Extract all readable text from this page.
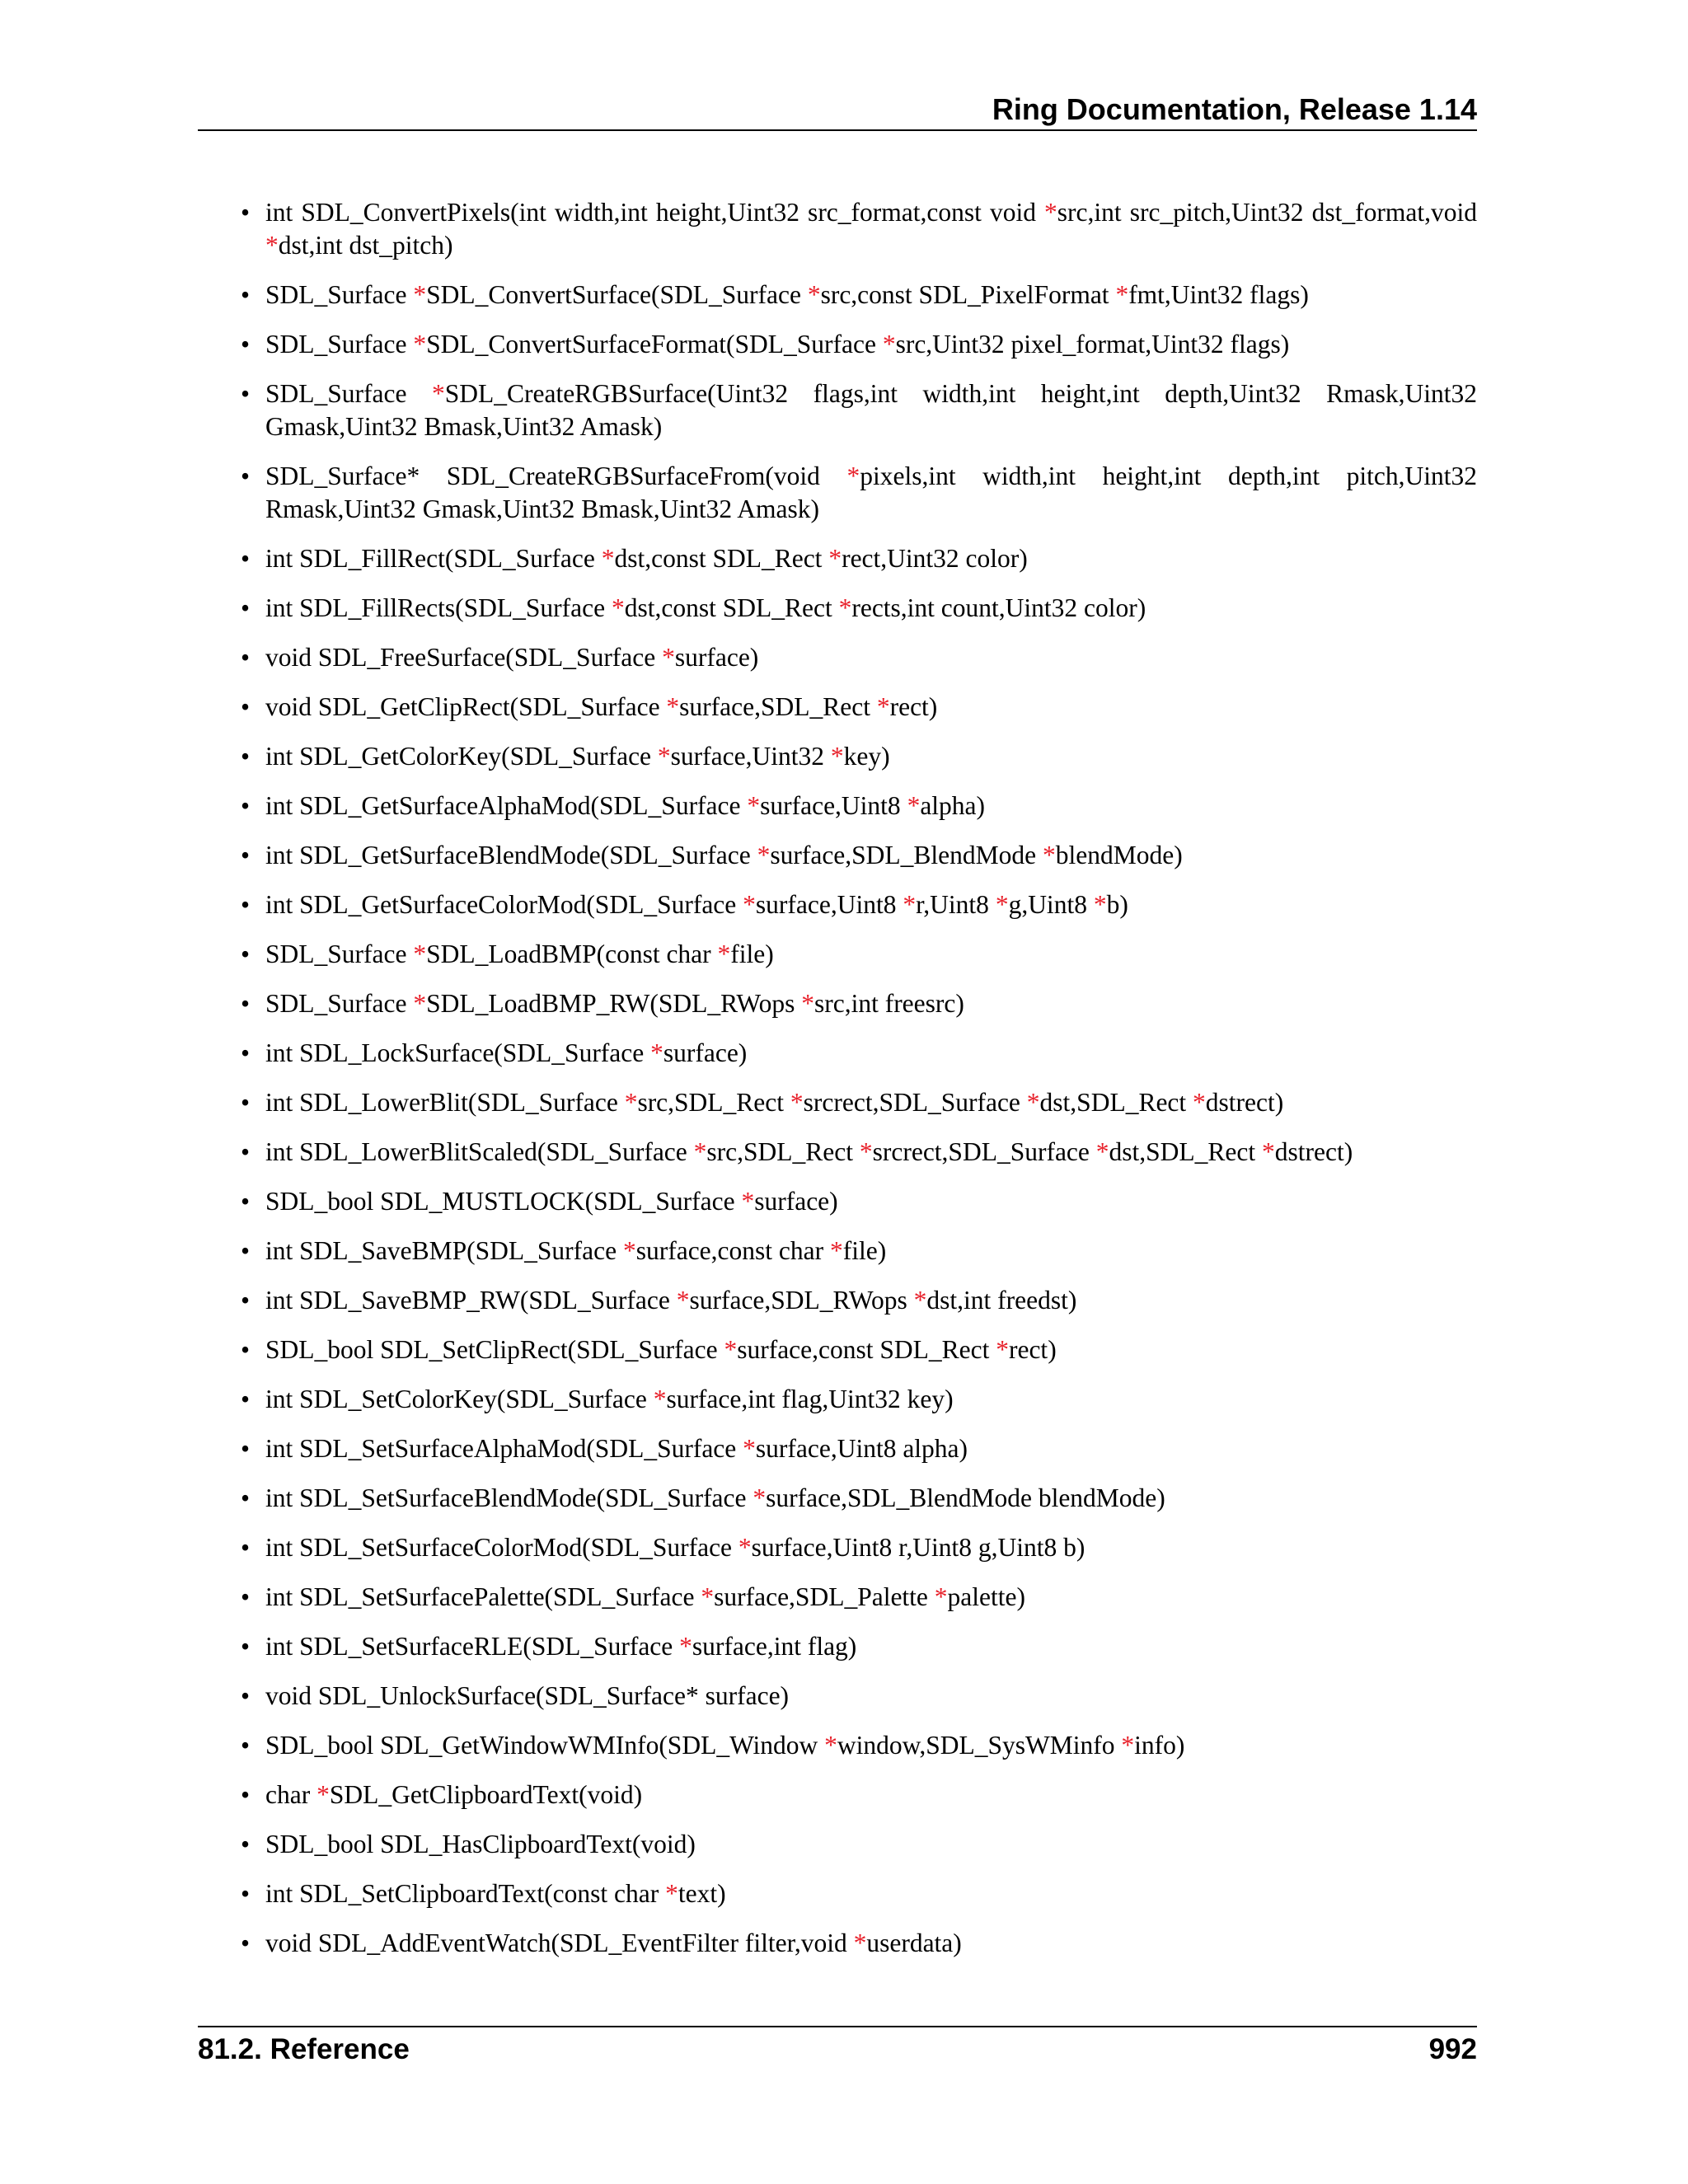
Ring Documentation, Release 1.14
• int SDL_ConvertPixels(int width,int height,Uint32 src_format,const void *src,int src_pitch,Uint32 dst_format,void *dst,int dst_pitch)
• SDL_Surface *SDL_ConvertSurface(SDL_Surface *src,const SDL_PixelFormat *fmt,Uint32 flags)
• SDL_Surface *SDL_ConvertSurfaceFormat(SDL_Surface *src,Uint32 pixel_format,Uint32 flags)
• SDL_Surface *SDL_CreateRGBSurface(Uint32 flags,int width,int height,int depth,Uint32 Rmask,Uint32 Gmask,Uint32 Bmask,Uint32 Amask)
• SDL_Surface* SDL_CreateRGBSurfaceFrom(void *pixels,int width,int height,int depth,int pitch,Uint32 Rmask,Uint32 Gmask,Uint32 Bmask,Uint32 Amask)
• int SDL_FillRect(SDL_Surface *dst,const SDL_Rect *rect,Uint32 color)
• int SDL_FillRects(SDL_Surface *dst,const SDL_Rect *rects,int count,Uint32 color)
• void SDL_FreeSurface(SDL_Surface *surface)
• void SDL_GetClipRect(SDL_Surface *surface,SDL_Rect *rect)
• int SDL_GetColorKey(SDL_Surface *surface,Uint32 *key)
• int SDL_GetSurfaceAlphaMod(SDL_Surface *surface,Uint8 *alpha)
• int SDL_GetSurfaceBlendMode(SDL_Surface *surface,SDL_BlendMode *blendMode)
• int SDL_GetSurfaceColorMod(SDL_Surface *surface,Uint8 *r,Uint8 *g,Uint8 *b)
• SDL_Surface *SDL_LoadBMP(const char *file)
• SDL_Surface *SDL_LoadBMP_RW(SDL_RWops *src,int freesrc)
• int SDL_LockSurface(SDL_Surface *surface)
• int SDL_LowerBlit(SDL_Surface *src,SDL_Rect *srcrect,SDL_Surface *dst,SDL_Rect *dstrect)
• int SDL_LowerBlitScaled(SDL_Surface *src,SDL_Rect *srcrect,SDL_Surface *dst,SDL_Rect *dstrect)
• SDL_bool SDL_MUSTLOCK(SDL_Surface *surface)
• int SDL_SaveBMP(SDL_Surface *surface,const char *file)
• int SDL_SaveBMP_RW(SDL_Surface *surface,SDL_RWops *dst,int freedst)
• SDL_bool SDL_SetClipRect(SDL_Surface *surface,const SDL_Rect *rect)
• int SDL_SetColorKey(SDL_Surface *surface,int flag,Uint32 key)
• int SDL_SetSurfaceAlphaMod(SDL_Surface *surface,Uint8 alpha)
• int SDL_SetSurfaceBlendMode(SDL_Surface *surface,SDL_BlendMode blendMode)
• int SDL_SetSurfaceColorMod(SDL_Surface *surface,Uint8 r,Uint8 g,Uint8 b)
• int SDL_SetSurfacePalette(SDL_Surface *surface,SDL_Palette *palette)
• int SDL_SetSurfaceRLE(SDL_Surface *surface,int flag)
• void SDL_UnlockSurface(SDL_Surface* surface)
• SDL_bool SDL_GetWindowWMInfo(SDL_Window *window,SDL_SysWMinfo *info)
• char *SDL_GetClipboardText(void)
• SDL_bool SDL_HasClipboardText(void)
• int SDL_SetClipboardText(const char *text)
• void SDL_AddEventWatch(SDL_EventFilter filter,void *userdata)
81.2. Reference	992
